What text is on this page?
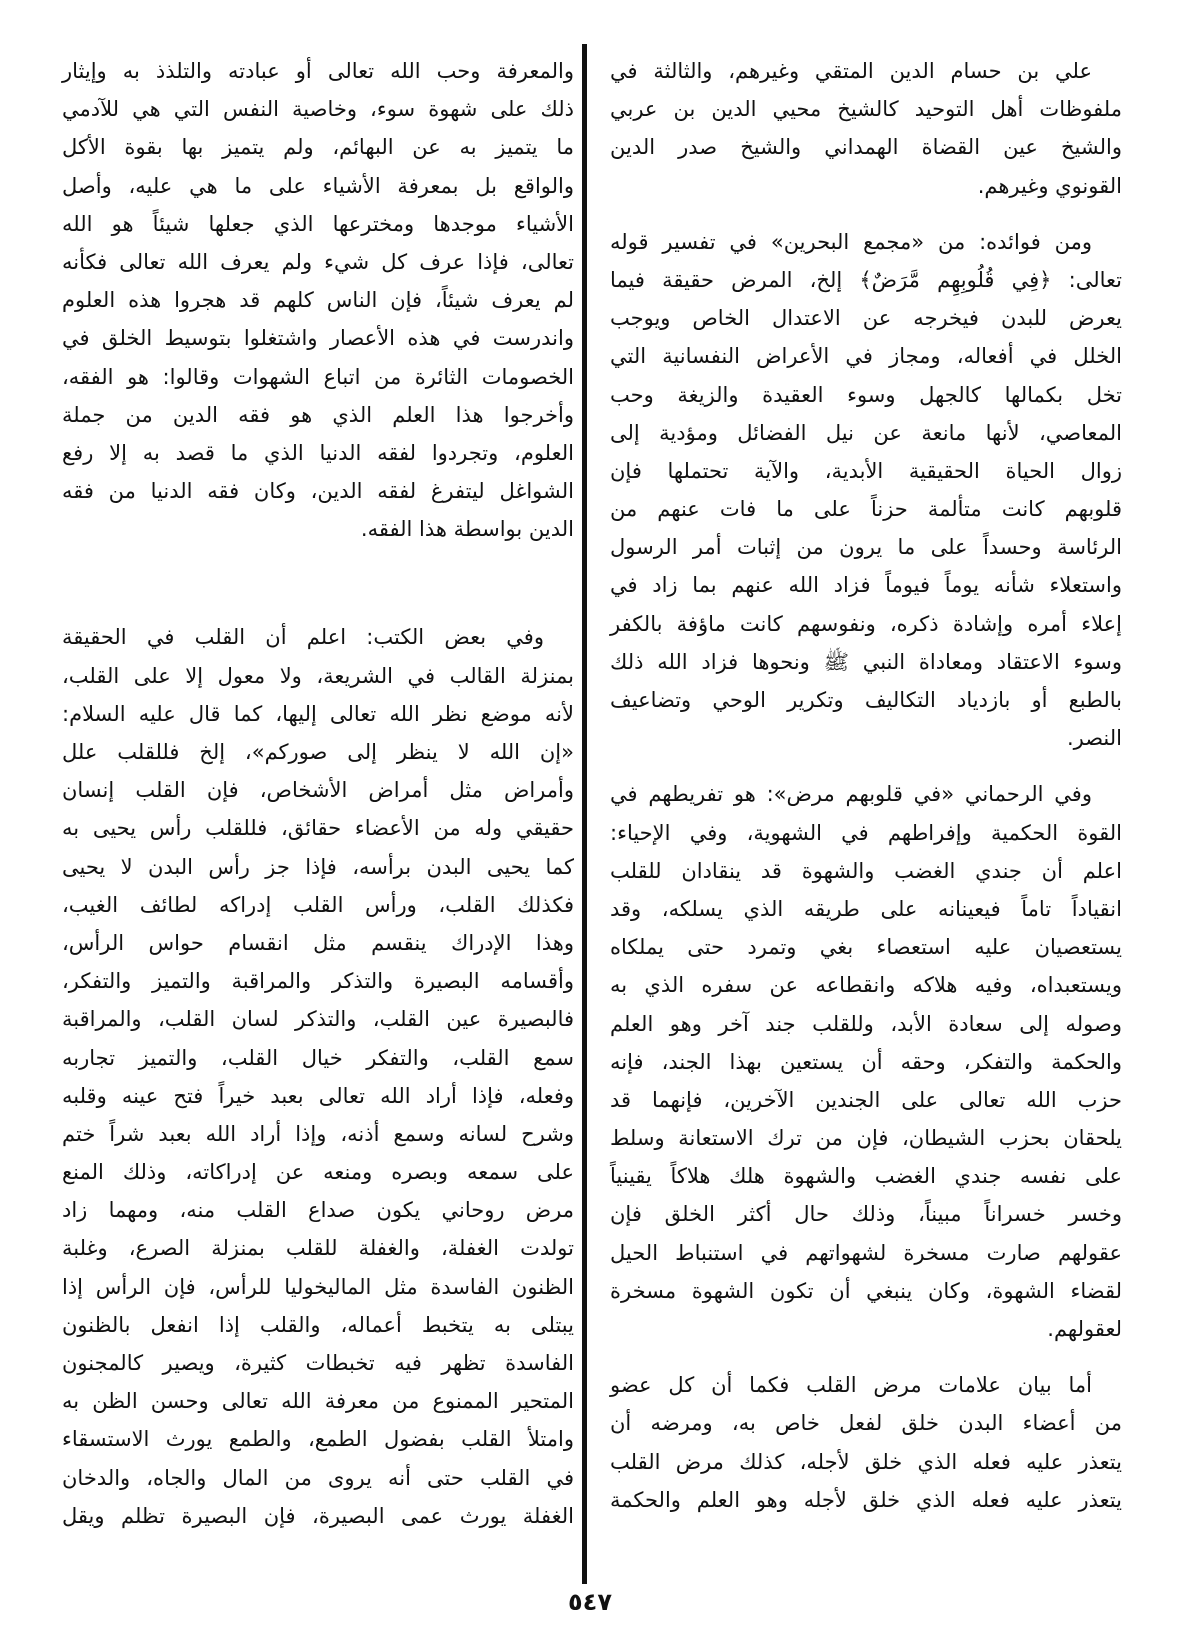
علي بن حسام الدين المتقي وغيرهم، والثالثة في
ملفوظات أهل التوحيد كالشيخ محيي الدين بن عربي
والشيخ عين القضاة الهمداني والشيخ صدر الدين
القونوي وغيرهم.
ومن فوائده: من «مجمع البحرين» في تفسير قوله
تعالى: ﴿فِي قُلُوبِهِم مَّرَضٌ﴾ إلخ، المرض حقيقة فيما
يعرض للبدن فيخرجه عن الاعتدال الخاص ويوجب
الخلل في أفعاله، ومجاز في الأعراض النفسانية التي
تخل بكمالها كالجهل وسوء العقيدة والزيغة وحب
المعاصي، لأنها مانعة عن نيل الفضائل ومؤدية إلى
زوال الحياة الحقيقية الأبدية، والآية تحتملها فإن
قلوبهم كانت متألمة حزناً على ما فات عنهم من
الرئاسة وحسداً على ما يرون من إثبات أمر الرسول
واستعلاء شأنه يوماً فيوماً فزاد الله عنهم بما زاد في
إعلاء أمره وإشادة ذكره، ونفوسهم كانت ماؤفة بالكفر
وسوء الاعتقاد ومعاداة النبي ﷺ ونحوها فزاد الله ذلك
بالطبع أو بازدياد التكاليف وتكرير الوحي وتضاعيف
النصر.
وفي الرحماني «في قلوبهم مرض»: هو تفريطهم في
القوة الحكمية وإفراطهم في الشهوية، وفي الإحياء:
اعلم أن جندي الغضب والشهوة قد ينقادان للقلب
انقياداً تاماً فيعينانه على طريقه الذي يسلكه، وقد
يستعصيان عليه استعصاء بغي وتمرد حتى يملكاه
ويستعبداه، وفيه هلاكه وانقطاعه عن سفره الذي به
وصوله إلى سعادة الأبد، وللقلب جند آخر وهو العلم
والحكمة والتفكر، وحقه أن يستعين بهذا الجند، فإنه
حزب الله تعالى على الجندين الآخرين، فإنهما قد
يلحقان بحزب الشيطان، فإن من ترك الاستعانة وسلط
على نفسه جندي الغضب والشهوة هلك هلاكاً يقينياً
وخسر خسراناً مبيناً، وذلك حال أكثر الخلق فإن
عقولهم صارت مسخرة لشهواتهم في استنباط الحيل
لقضاء الشهوة، وكان ينبغي أن تكون الشهوة مسخرة
لعقولهم.
أما بيان علامات مرض القلب فكما أن كل عضو
من أعضاء البدن خلق لفعل خاص به، ومرضه أن
يتعذر عليه فعله الذي خلق لأجله، كذلك مرض القلب
يتعذر عليه فعله الذي خلق لأجله وهو العلم والحكمة
والمعرفة وحب الله تعالى أو عبادته والتلذذ به وإيثار
ذلك على شهوة سوء، وخاصية النفس التي هي للآدمي
ما يتميز به عن البهائم، ولم يتميز بها بقوة الأكل
والواقع بل بمعرفة الأشياء على ما هي عليه، وأصل
الأشياء موجدها ومخترعها الذي جعلها شيئاً هو الله
تعالى، فإذا عرف كل شيء ولم يعرف الله تعالى فكأنه
لم يعرف شيئاً، فإن الناس كلهم قد هجروا هذه العلوم
واندرست في هذه الأعصار واشتغلوا بتوسيط الخلق في
الخصومات الثائرة من اتباع الشهوات وقالوا: هو الفقه،
وأخرجوا هذا العلم الذي هو فقه الدين من جملة
العلوم، وتجردوا لفقه الدنيا الذي ما قصد به إلا رفع
الشواغل ليتفرغ لفقه الدين، وكان فقه الدنيا من فقه
الدين بواسطة هذا الفقه.
وفي بعض الكتب: اعلم أن القلب في الحقيقة
بمنزلة القالب في الشريعة، ولا معول إلا على القلب،
لأنه موضع نظر الله تعالى إليها، كما قال عليه السلام:
«إن الله لا ينظر إلى صوركم»، إلخ فللقلب علل
وأمراض مثل أمراض الأشخاص، فإن القلب إنسان
حقيقي وله من الأعضاء حقائق، فللقلب رأس يحيى به
كما يحيى البدن برأسه، فإذا جز رأس البدن لا يحيى
فكذلك القلب، ورأس القلب إدراكه لطائف الغيب،
وهذا الإدراك ينقسم مثل انقسام حواس الرأس،
وأقسامه البصيرة والتذكر والمراقبة والتميز والتفكر،
فالبصيرة عين القلب، والتذكر لسان القلب، والمراقبة
سمع القلب، والتفكر خيال القلب، والتميز تجاربه
وفعله، فإذا أراد الله تعالى بعبد خيراً فتح عينه وقلبه
وشرح لسانه وسمع أذنه، وإذا أراد الله بعبد شراً ختم
على سمعه وبصره ومنعه عن إدراكاته، وذلك المنع
مرض روحاني يكون صداع القلب منه، ومهما زاد
تولدت الغفلة، والغفلة للقلب بمنزلة الصرع، وغلبة
الظنون الفاسدة مثل الماليخوليا للرأس، فإن الرأس إذا
يبتلى به يتخبط أعماله، والقلب إذا انفعل بالظنون
الفاسدة تظهر فيه تخبطات كثيرة، ويصير كالمجنون
المتحير الممنوع من معرفة الله تعالى وحسن الظن به
وامتلأ القلب بفضول الطمع، والطمع يورث الاستسقاء
في القلب حتى أنه يروى من المال والجاه، والدخان
الغفلة يورث عمى البصيرة، فإن البصيرة تظلم ويقل
٥٤٧
